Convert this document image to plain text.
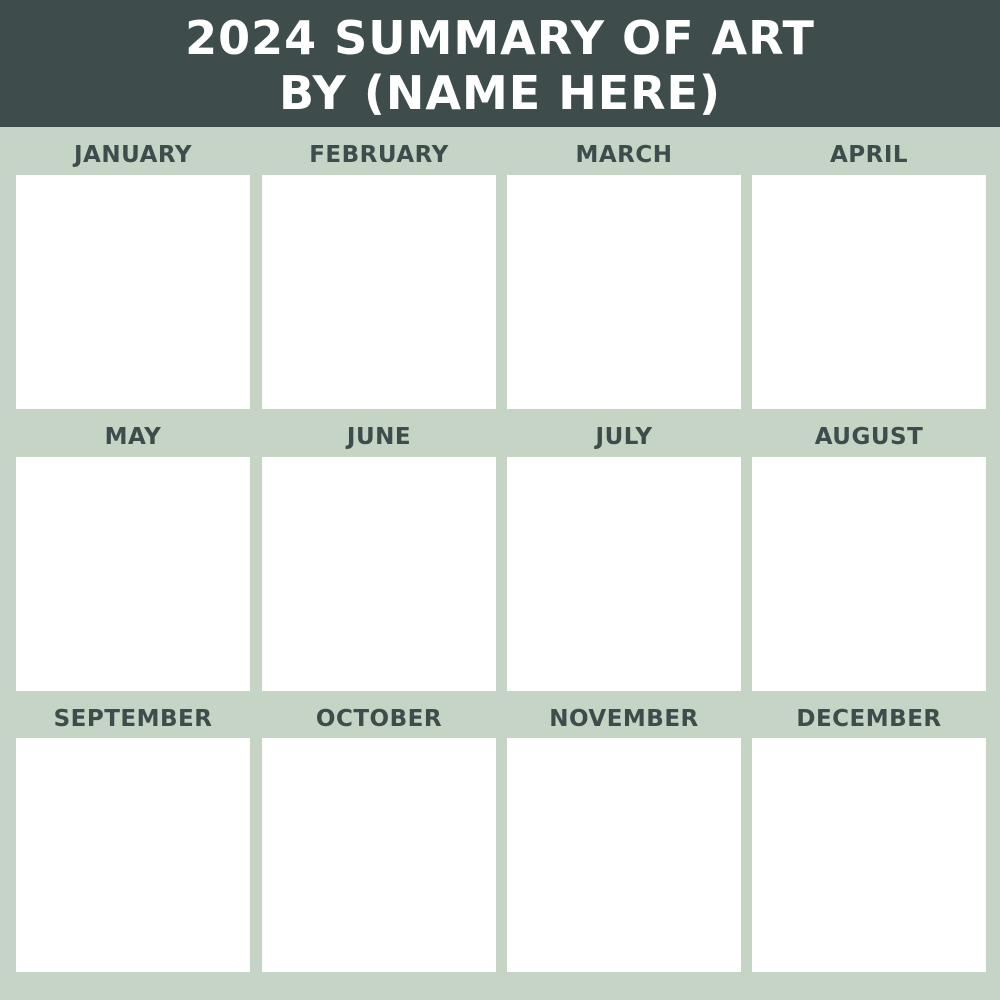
2024 SUMMARY OF ART
BY (NAME HERE)
JANUARY	FEBRUARY	MARCH	APRIL
MAY	JUNE	JULY	AUGUST
SEPTEMBER	OCTOBER	NOVEMBER	DECEMBER
